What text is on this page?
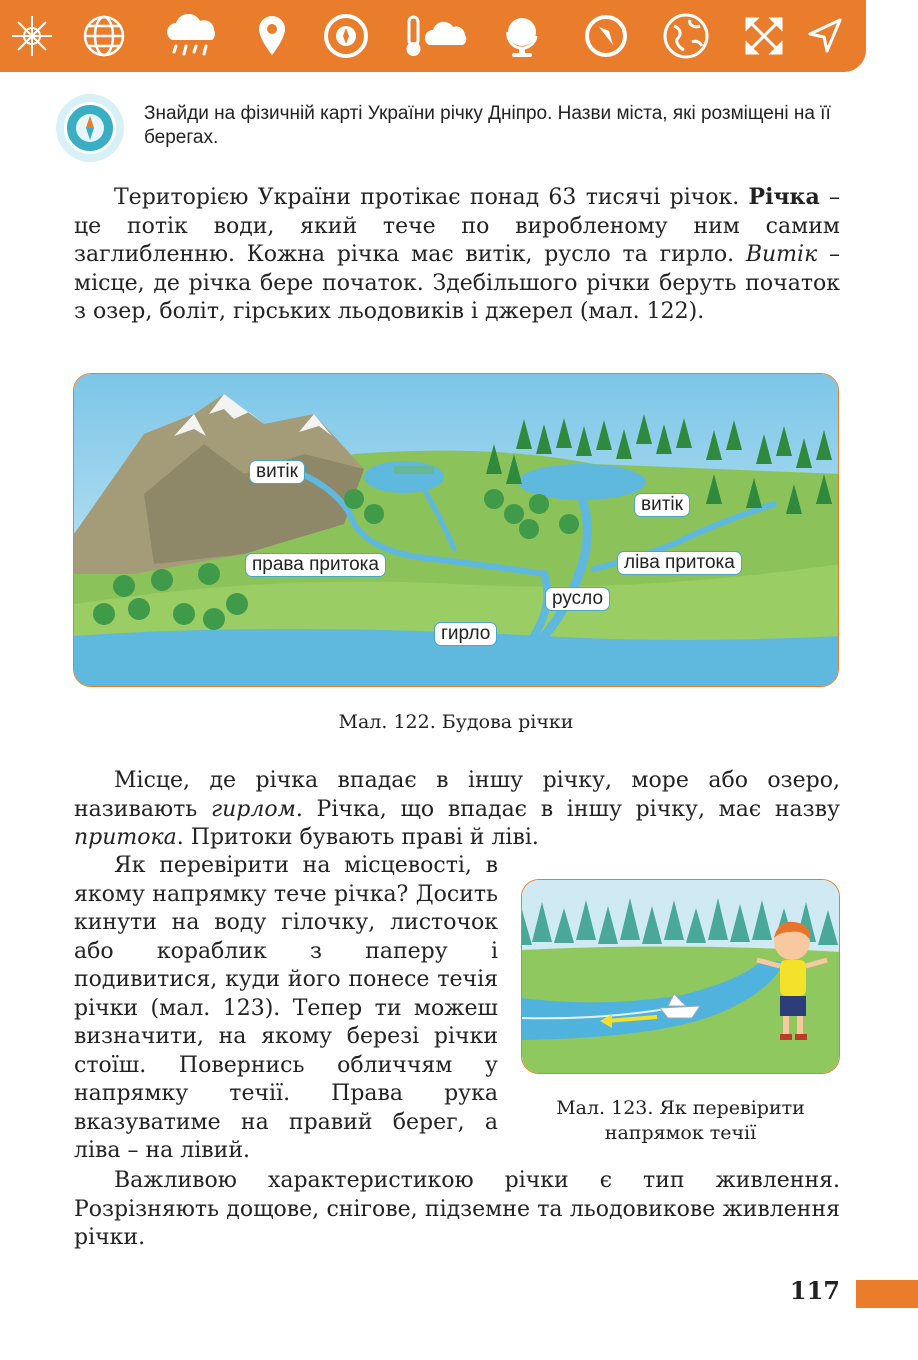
Знайди на фізичній карті України річку Дніпро. Назви міста, які розміщені на її берегах.
Територією України протікає понад 63 тисячі річок. Річка – це потік води, який тече по виробленому ним самим заглибленню. Кожна річка має витік, русло та гирло. Витік – місце, де річка бере початок. Здебільшого річки беруть початок з озер, боліт, гірських льодовиків і джерел (мал. 122).
витік
витік
права притока	ліва притока
русло
гирло
Мал. 122. Будова річки
Місце, де річка впадає в іншу річку, море або озеро, називають гирлом. Річка, що впадає в іншу річку, має назву притока. Притоки бувають праві й ліві.
Як перевірити на місцевості, в якому напрямку тече річка? Досить кинути на воду гілочку, листочок або кораблик з паперу і подивитися, куди його понесе течія річки (мал. 123). Тепер ти можеш визначити, на якому березі річки стоїш. Повернись обличчям у напрямку течії. Права рука вказуватиме на правий берег, а ліва – на лівий.
Мал. 123. Як перевірити
напрямок течії
Важливою характеристикою річки є тип живлення. Розрізняють дощове, снігове, підземне та льодовикове живлення річки.
117
